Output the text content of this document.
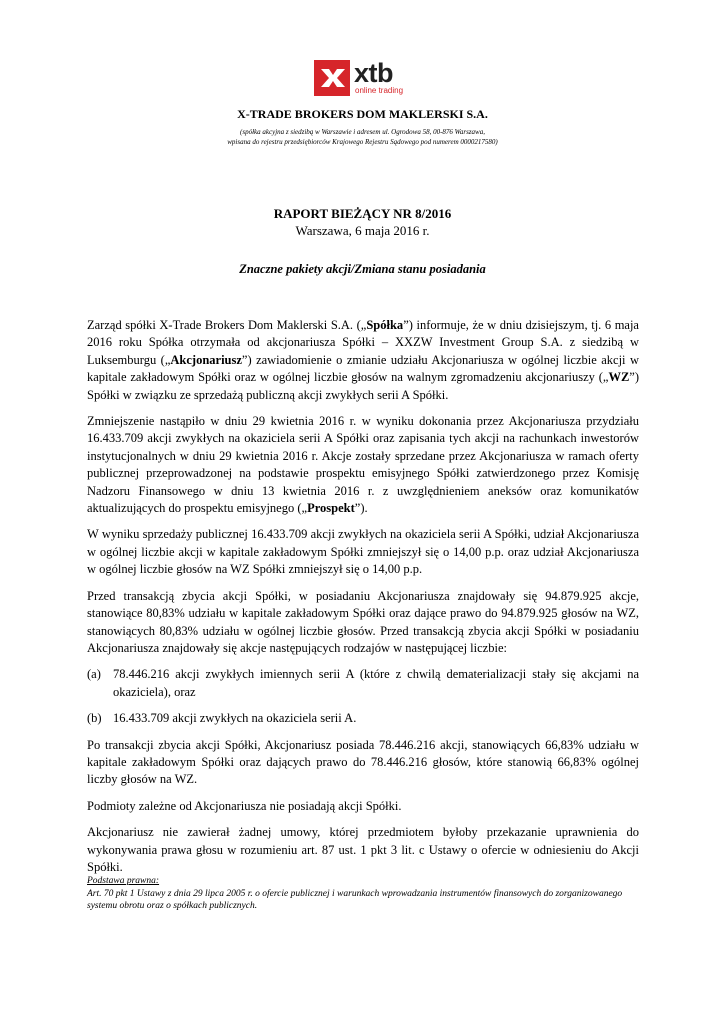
xtb
online trading
X-TRADE BROKERS DOM MAKLERSKI S.A.
(spółka akcyjna z siedzibą w Warszawie i adresem ul. Ogrodowa 58, 00-876 Warszawa,
wpisana do rejestru przedsiębiorców Krajowego Rejestru Sądowego pod numerem 0000217580)
RAPORT BIEŻĄCY NR 8/2016
Warszawa, 6 maja 2016 r.
Znaczne pakiety akcji/Zmiana stanu posiadania

Zarząd spółki X-Trade Brokers Dom Maklerski S.A. („Spółka”) informuje, że w dniu dzisiejszym, tj. 6 maja 2016 roku Spółka otrzymała od akcjonariusza Spółki – XXZW Investment Group S.A. z siedzibą w Luksemburgu („Akcjonariusz”) zawiadomienie o zmianie udziału Akcjonariusza w ogólnej liczbie akcji w kapitale zakładowym Spółki oraz w ogólnej liczbie głosów na walnym zgromadzeniu akcjonariuszy („WZ”) Spółki w związku ze sprzedażą publiczną akcji zwykłych serii A Spółki.

Zmniejszenie nastąpiło w dniu 29 kwietnia 2016 r. w wyniku dokonania przez Akcjonariusza przydziału 16.433.709 akcji zwykłych na okaziciela serii A Spółki oraz zapisania tych akcji na rachunkach inwestorów instytucjonalnych w dniu 29 kwietnia 2016 r. Akcje zostały sprzedane przez Akcjonariusza w ramach oferty publicznej przeprowadzonej na podstawie prospektu emisyjnego Spółki zatwierdzonego przez Komisję Nadzoru Finansowego w dniu 13 kwietnia 2016 r. z uwzględnieniem aneksów oraz komunikatów aktualizujących do prospektu emisyjnego („Prospekt”).

W wyniku sprzedaży publicznej 16.433.709 akcji zwykłych na okaziciela serii A Spółki, udział Akcjonariusza w ogólnej liczbie akcji w kapitale zakładowym Spółki zmniejszył się o 14,00 p.p. oraz udział Akcjonariusza w ogólnej liczbie głosów na WZ Spółki zmniejszył się o 14,00 p.p.

Przed transakcją zbycia akcji Spółki, w posiadaniu Akcjonariusza znajdowały się 94.879.925 akcje, stanowiące 80,83% udziału w kapitale zakładowym Spółki oraz dające prawo do 94.879.925 głosów na WZ, stanowiących 80,83% udziału w ogólnej liczbie głosów. Przed transakcją zbycia akcji Spółki w posiadaniu Akcjonariusza znajdowały się akcje następujących rodzajów w następującej liczbie:

(a) 78.446.216 akcji zwykłych imiennych serii A (które z chwilą dematerializacji stały się akcjami na okaziciela), oraz
(b) 16.433.709 akcji zwykłych na okaziciela serii A.

Po transakcji zbycia akcji Spółki, Akcjonariusz posiada 78.446.216 akcji, stanowiących 66,83% udziału w kapitale zakładowym Spółki oraz dających prawo do 78.446.216 głosów, które stanowią 66,83% ogólnej liczby głosów na WZ.

Podmioty zależne od Akcjonariusza nie posiadają akcji Spółki.

Akcjonariusz nie zawierał żadnej umowy, której przedmiotem byłoby przekazanie uprawnienia do wykonywania prawa głosu w rozumieniu art. 87 ust. 1 pkt 3 lit. c Ustawy o ofercie w odniesieniu do Akcji Spółki.

Podstawa prawna:
Art. 70 pkt 1 Ustawy z dnia 29 lipca 2005 r. o ofercie publicznej i warunkach wprowadzania instrumentów finansowych do zorganizowanego systemu obrotu oraz o spółkach publicznych.
